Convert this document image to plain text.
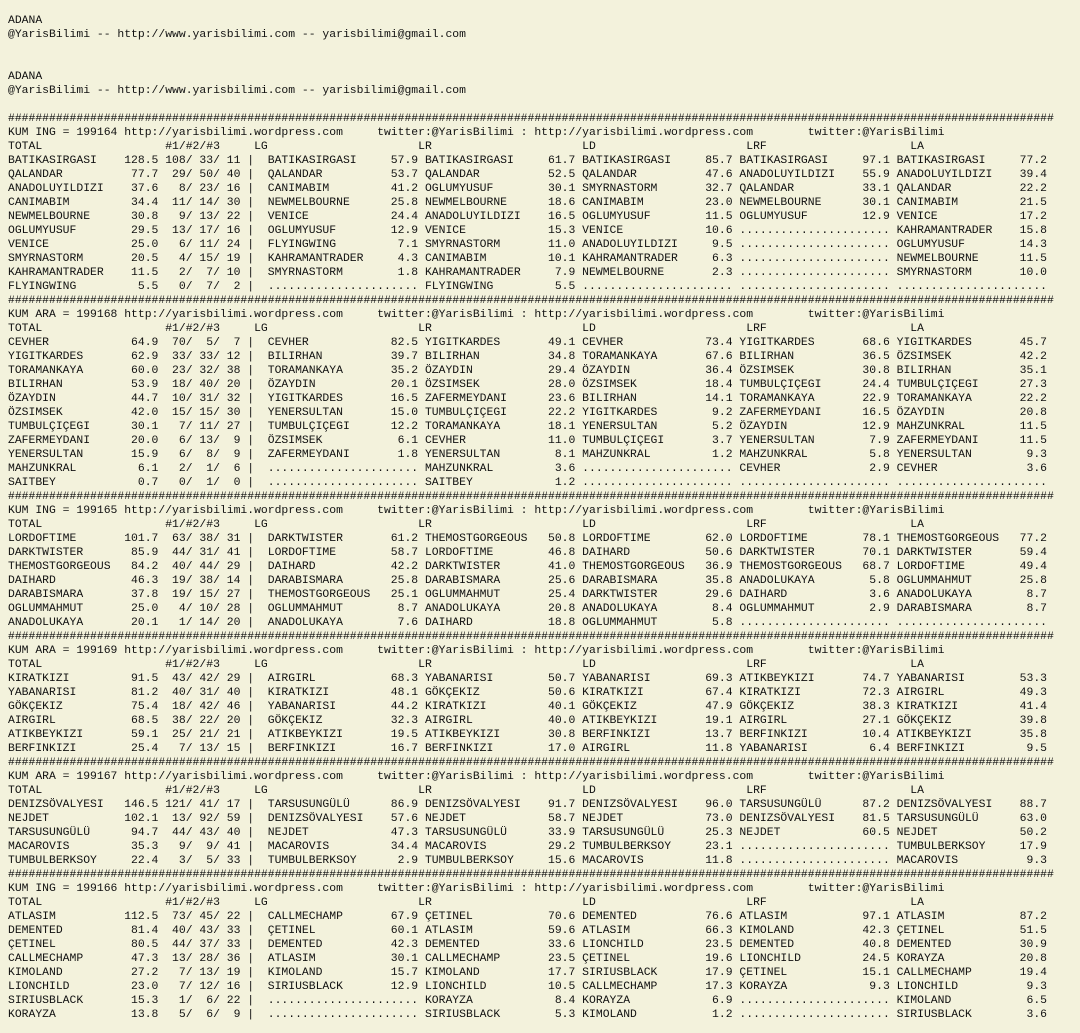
ADANA
@YarisBilimi -- http://www.yarisbilimi.com -- yarisbilimi@gmail.com
ADANA
@YarisBilimi -- http://www.yarisbilimi.com -- yarisbilimi@gmail.com
#########################################################################################################################################################
KUM ING = 199164 http://yarisbilimi.wordpress.com     twitter:@YarisBilimi : http://yarisbilimi.wordpress.com        twitter:@YarisBilimi
TOTAL                  #1/#2/#3     LG                      LR                      LD                      LRF                     LA
BATIKASIRGASI    128.5 108/ 33/ 11 |  BATIKASIRGASI     57.9 BATIKASIRGASI     61.7 BATIKASIRGASI     85.7 BATIKASIRGASI     97.1 BATIKASIRGASI     77.2
QALANDAR          77.7  29/ 50/ 40 |  QALANDAR          53.7 QALANDAR          52.5 QALANDAR          47.6 ANADOLUYILDIZI    55.9 ANADOLUYILDIZI    39.4
ANADOLUYILDIZI    37.6   8/ 23/ 16 |  CANIMABIM         41.2 OGLUMYUSUF        30.1 SMYRNASTORM       32.7 QALANDAR          33.1 QALANDAR          22.2
CANIMABIM         34.4  11/ 14/ 30 |  NEWMELBOURNE      25.8 NEWMELBOURNE      18.6 CANIMABIM         23.0 NEWMELBOURNE      30.1 CANIMABIM         21.5
NEWMELBOURNE      30.8   9/ 13/ 22 |  VENICE            24.4 ANADOLUYILDIZI    16.5 OGLUMYUSUF        11.5 OGLUMYUSUF        12.9 VENICE            17.2
OGLUMYUSUF        29.5  13/ 17/ 16 |  OGLUMYUSUF        12.9 VENICE            15.3 VENICE            10.6 ...................... KAHRAMANTRADER    15.8
VENICE            25.0   6/ 11/ 24 |  FLYINGWING         7.1 SMYRNASTORM       11.0 ANADOLUYILDIZI     9.5 ...................... OGLUMYUSUF        14.3
SMYRNASTORM       20.5   4/ 15/ 19 |  KAHRAMANTRADER     4.3 CANIMABIM         10.1 KAHRAMANTRADER     6.3 ...................... NEWMELBOURNE      11.5
KAHRAMANTRADER    11.5   2/  7/ 10 |  SMYRNASTORM        1.8 KAHRAMANTRADER     7.9 NEWMELBOURNE       2.3 ...................... SMYRNASTORM       10.0
FLYINGWING         5.5   0/  7/  2 |  ...................... FLYINGWING         5.5 ...................... ...................... ......................
#########################################################################################################################################################
KUM ARA = 199168 http://yarisbilimi.wordpress.com     twitter:@YarisBilimi : http://yarisbilimi.wordpress.com        twitter:@YarisBilimi
TOTAL                  #1/#2/#3     LG                      LR                      LD                      LRF                     LA
CEVHER            64.9  70/  5/  7 |  CEVHER            82.5 YIGITKARDES       49.1 CEVHER            73.4 YIGITKARDES       68.6 YIGITKARDES       45.7
YIGITKARDES       62.9  33/ 33/ 12 |  BILIRHAN          39.7 BILIRHAN          34.8 TORAMANKAYA       67.6 BILIRHAN          36.5 ÖZSIMSEK          42.2
TORAMANKAYA       60.0  23/ 32/ 38 |  TORAMANKAYA       35.2 ÖZAYDIN           29.4 ÖZAYDIN           36.4 ÖZSIMSEK          30.8 BILIRHAN          35.1
BILIRHAN          53.9  18/ 40/ 20 |  ÖZAYDIN           20.1 ÖZSIMSEK          28.0 ÖZSIMSEK          18.4 TUMBULÇIÇEGI      24.4 TUMBULÇIÇEGI      27.3
ÖZAYDIN           44.7  10/ 31/ 32 |  YIGITKARDES       16.5 ZAFERMEYDANI      23.6 BILIRHAN          14.1 TORAMANKAYA       22.9 TORAMANKAYA       22.2
ÖZSIMSEK          42.0  15/ 15/ 30 |  YENERSULTAN       15.0 TUMBULÇIÇEGI      22.2 YIGITKARDES        9.2 ZAFERMEYDANI      16.5 ÖZAYDIN           20.8
TUMBULÇIÇEGI      30.1   7/ 11/ 27 |  TUMBULÇIÇEGI      12.2 TORAMANKAYA       18.1 YENERSULTAN        5.2 ÖZAYDIN           12.9 MAHZUNKRAL        11.5
ZAFERMEYDANI      20.0   6/ 13/  9 |  ÖZSIMSEK           6.1 CEVHER            11.0 TUMBULÇIÇEGI       3.7 YENERSULTAN        7.9 ZAFERMEYDANI      11.5
YENERSULTAN       15.9   6/  8/  9 |  ZAFERMEYDANI       1.8 YENERSULTAN        8.1 MAHZUNKRAL         1.2 MAHZUNKRAL         5.8 YENERSULTAN        9.3
MAHZUNKRAL         6.1   2/  1/  6 |  ...................... MAHZUNKRAL         3.6 ...................... CEVHER             2.9 CEVHER             3.6
SAITBEY            0.7   0/  1/  0 |  ...................... SAITBEY            1.2 ...................... ...................... ......................
#########################################################################################################################################################
KUM ING = 199165 http://yarisbilimi.wordpress.com     twitter:@YarisBilimi : http://yarisbilimi.wordpress.com        twitter:@YarisBilimi
TOTAL                  #1/#2/#3     LG                      LR                      LD                      LRF                     LA
LORDOFTIME       101.7  63/ 38/ 31 |  DARKTWISTER       61.2 THEMOSTGORGEOUS   50.8 LORDOFTIME        62.0 LORDOFTIME        78.1 THEMOSTGORGEOUS   77.2
DARKTWISTER       85.9  44/ 31/ 41 |  LORDOFTIME        58.7 LORDOFTIME        46.8 DAIHARD           50.6 DARKTWISTER       70.1 DARKTWISTER       59.4
THEMOSTGORGEOUS   84.2  40/ 44/ 29 |  DAIHARD           42.2 DARKTWISTER       41.0 THEMOSTGORGEOUS   36.9 THEMOSTGORGEOUS   68.7 LORDOFTIME        49.4
DAIHARD           46.3  19/ 38/ 14 |  DARABISMARA       25.8 DARABISMARA       25.6 DARABISMARA       35.8 ANADOLUKAYA        5.8 OGLUMMAHMUT       25.8
DARABISMARA       37.8  19/ 15/ 27 |  THEMOSTGORGEOUS   25.1 OGLUMMAHMUT       25.4 DARKTWISTER       29.6 DAIHARD            3.6 ANADOLUKAYA        8.7
OGLUMMAHMUT       25.0   4/ 10/ 28 |  OGLUMMAHMUT        8.7 ANADOLUKAYA       20.8 ANADOLUKAYA        8.4 OGLUMMAHMUT        2.9 DARABISMARA        8.7
ANADOLUKAYA       20.1   1/ 14/ 20 |  ANADOLUKAYA        7.6 DAIHARD           18.8 OGLUMMAHMUT        5.8 ...................... ......................
#########################################################################################################################################################
KUM ARA = 199169 http://yarisbilimi.wordpress.com     twitter:@YarisBilimi : http://yarisbilimi.wordpress.com        twitter:@YarisBilimi
TOTAL                  #1/#2/#3     LG                      LR                      LD                      LRF                     LA
KIRATKIZI         91.5  43/ 42/ 29 |  AIRGIRL           68.3 YABANARISI        50.7 YABANARISI        69.3 ATIKBEYKIZI       74.7 YABANARISI        53.3
YABANARISI        81.2  40/ 31/ 40 |  KIRATKIZI         48.1 GÖKÇEKIZ          50.6 KIRATKIZI         67.4 KIRATKIZI         72.3 AIRGIRL           49.3
GÖKÇEKIZ          75.4  18/ 42/ 46 |  YABANARISI        44.2 KIRATKIZI         40.1 GÖKÇEKIZ          47.9 GÖKÇEKIZ          38.3 KIRATKIZI         41.4
AIRGIRL           68.5  38/ 22/ 20 |  GÖKÇEKIZ          32.3 AIRGIRL           40.0 ATIKBEYKIZI       19.1 AIRGIRL           27.1 GÖKÇEKIZ          39.8
ATIKBEYKIZI       59.1  25/ 21/ 21 |  ATIKBEYKIZI       19.5 ATIKBEYKIZI       30.8 BERFINKIZI        13.7 BERFINKIZI        10.4 ATIKBEYKIZI       35.8
BERFINKIZI        25.4   7/ 13/ 15 |  BERFINKIZI        16.7 BERFINKIZI        17.0 AIRGIRL           11.8 YABANARISI         6.4 BERFINKIZI         9.5
#########################################################################################################################################################
KUM ARA = 199167 http://yarisbilimi.wordpress.com     twitter:@YarisBilimi : http://yarisbilimi.wordpress.com        twitter:@YarisBilimi
TOTAL                  #1/#2/#3     LG                      LR                      LD                      LRF                     LA
DENIZSÖVALYESI   146.5 121/ 41/ 17 |  TARSUSUNGÜLÜ      86.9 DENIZSÖVALYESI    91.7 DENIZSÖVALYESI    96.0 TARSUSUNGÜLÜ      87.2 DENIZSÖVALYESI    88.7
NEJDET           102.1  13/ 92/ 59 |  DENIZSÖVALYESI    57.6 NEJDET            58.7 NEJDET            73.0 DENIZSÖVALYESI    81.5 TARSUSUNGÜLÜ      63.0
TARSUSUNGÜLÜ      94.7  44/ 43/ 40 |  NEJDET            47.3 TARSUSUNGÜLÜ      33.9 TARSUSUNGÜLÜ      25.3 NEJDET            60.5 NEJDET            50.2
MACAROVIS         35.3   9/  9/ 41 |  MACAROVIS         34.4 MACAROVIS         29.2 TUMBULBERKSOY     23.1 ...................... TUMBULBERKSOY     17.9
TUMBULBERKSOY     22.4   3/  5/ 33 |  TUMBULBERKSOY      2.9 TUMBULBERKSOY     15.6 MACAROVIS         11.8 ...................... MACAROVIS          9.3
#########################################################################################################################################################
KUM ING = 199166 http://yarisbilimi.wordpress.com     twitter:@YarisBilimi : http://yarisbilimi.wordpress.com        twitter:@YarisBilimi
TOTAL                  #1/#2/#3     LG                      LR                      LD                      LRF                     LA
ATLASIM          112.5  73/ 45/ 22 |  CALLMECHAMP       67.9 ÇETINEL           70.6 DEMENTED          76.6 ATLASIM           97.1 ATLASIM           87.2
DEMENTED          81.4  40/ 43/ 33 |  ÇETINEL           60.1 ATLASIM           59.6 ATLASIM           66.3 KIMOLAND          42.3 ÇETINEL           51.5
ÇETINEL           80.5  44/ 37/ 33 |  DEMENTED          42.3 DEMENTED          33.6 LIONCHILD         23.5 DEMENTED          40.8 DEMENTED          30.9
CALLMECHAMP       47.3  13/ 28/ 36 |  ATLASIM           30.1 CALLMECHAMP       23.5 ÇETINEL           19.6 LIONCHILD         24.5 KORAYZA           20.8
KIMOLAND          27.2   7/ 13/ 19 |  KIMOLAND          15.7 KIMOLAND          17.7 SIRIUSBLACK       17.9 ÇETINEL           15.1 CALLMECHAMP       19.4
LIONCHILD         23.0   7/ 12/ 16 |  SIRIUSBLACK       12.9 LIONCHILD         10.5 CALLMECHAMP       17.3 KORAYZA            9.3 LIONCHILD          9.3
SIRIUSBLACK       15.3   1/  6/ 22 |  ...................... KORAYZA            8.4 KORAYZA            6.9 ...................... KIMOLAND           6.5
KORAYZA           13.8   5/  6/  9 |  ...................... SIRIUSBLACK        5.3 KIMOLAND           1.2 ...................... SIRIUSBLACK        3.6
